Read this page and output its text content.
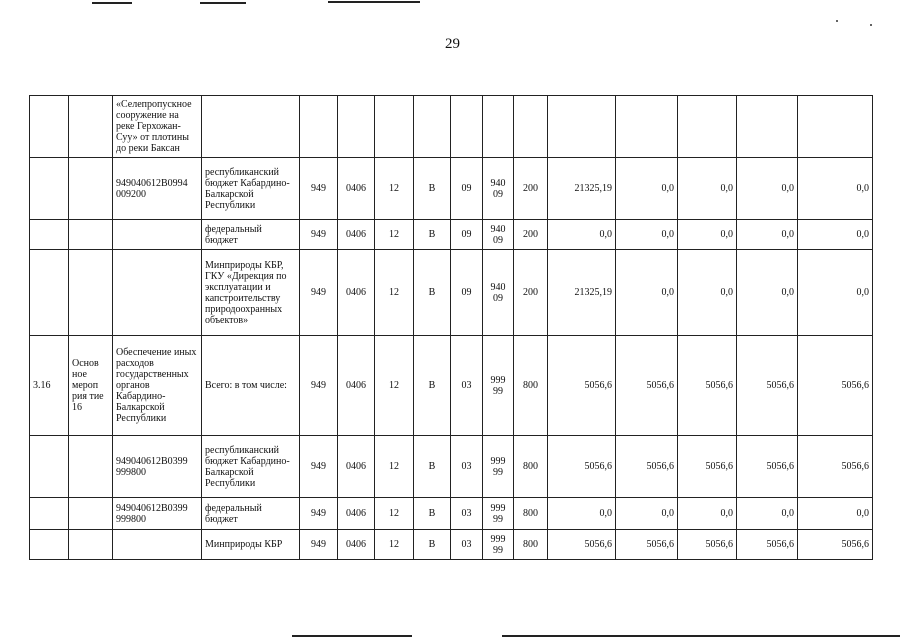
29
		«Селепропускное сооружение на реке Герхожан-Суу» от плотины до реки Баксан													
		949040612В0994 009200	республиканский бюджет Кабардино-Балкарской Республики	949	0406	12	В	09	940 09	200	21325,19	0,0	0,0	0,0	0,0
			федеральный бюджет	949	0406	12	В	09	940 09	200	0,0	0,0	0,0	0,0	0,0
			Минприроды КБР, ГКУ «Дирекция по эксплуатации и капстроительству природоохранных объектов»	949	0406	12	В	09	940 09	200	21325,19	0,0	0,0	0,0	0,0
3.16	Основ ное мероп рия тие 16	Обеспечение иных расходов государственных органов Кабардино-Балкарской Республики	Всего: в том числе:	949	0406	12	В	03	999 99	800	5056,6	5056,6	5056,6	5056,6	5056,6
		949040612В0399 999800	республиканский бюджет Кабардино-Балкарской Республики	949	0406	12	В	03	999 99	800	5056,6	5056,6	5056,6	5056,6	5056,6
		949040612В0399 999800	федеральный бюджет	949	0406	12	В	03	999 99	800	0,0	0,0	0,0	0,0	0,0
			Минприроды КБР	949	0406	12	В	03	999 99	800	5056,6	5056,6	5056,6	5056,6	5056,6
